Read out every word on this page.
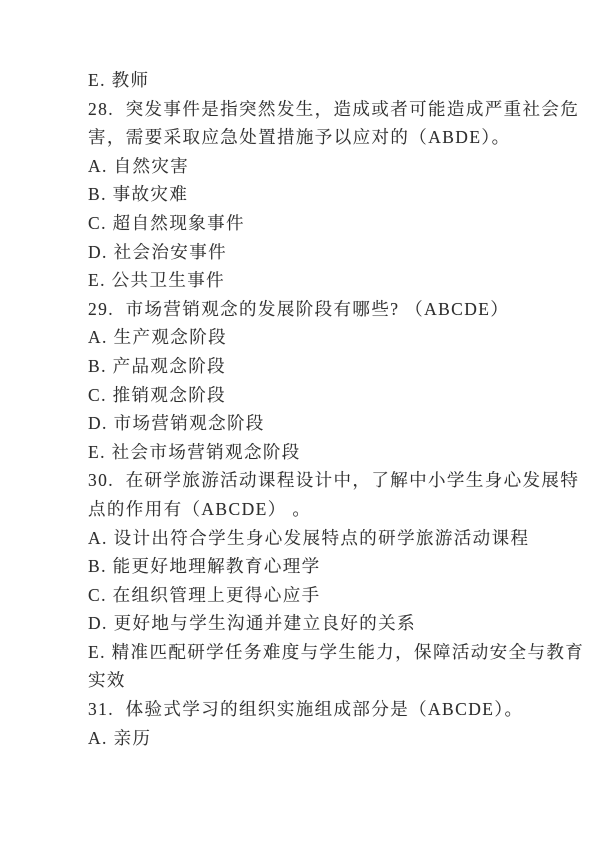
E. 教师
28.  突发事件是指突然发生，造成或者可能造成严重社会危
害，需要采取应急处置措施予以应对的（ABDE）。
A. 自然灾害
B. 事故灾难
C. 超自然现象事件
D. 社会治安事件
E. 公共卫生事件
29.  市场营销观念的发展阶段有哪些? （ABCDE）
A. 生产观念阶段
B. 产品观念阶段
C. 推销观念阶段
D. 市场营销观念阶段
E. 社会市场营销观念阶段
30.  在研学旅游活动课程设计中，了解中小学生身心发展特
点的作用有（ABCDE） 。
A. 设计出符合学生身心发展特点的研学旅游活动课程
B. 能更好地理解教育心理学
C. 在组织管理上更得心应手
D. 更好地与学生沟通并建立良好的关系
E. 精准匹配研学任务难度与学生能力，保障活动安全与教育
实效
31.  体验式学习的组织实施组成部分是（ABCDE）。
A. 亲历
